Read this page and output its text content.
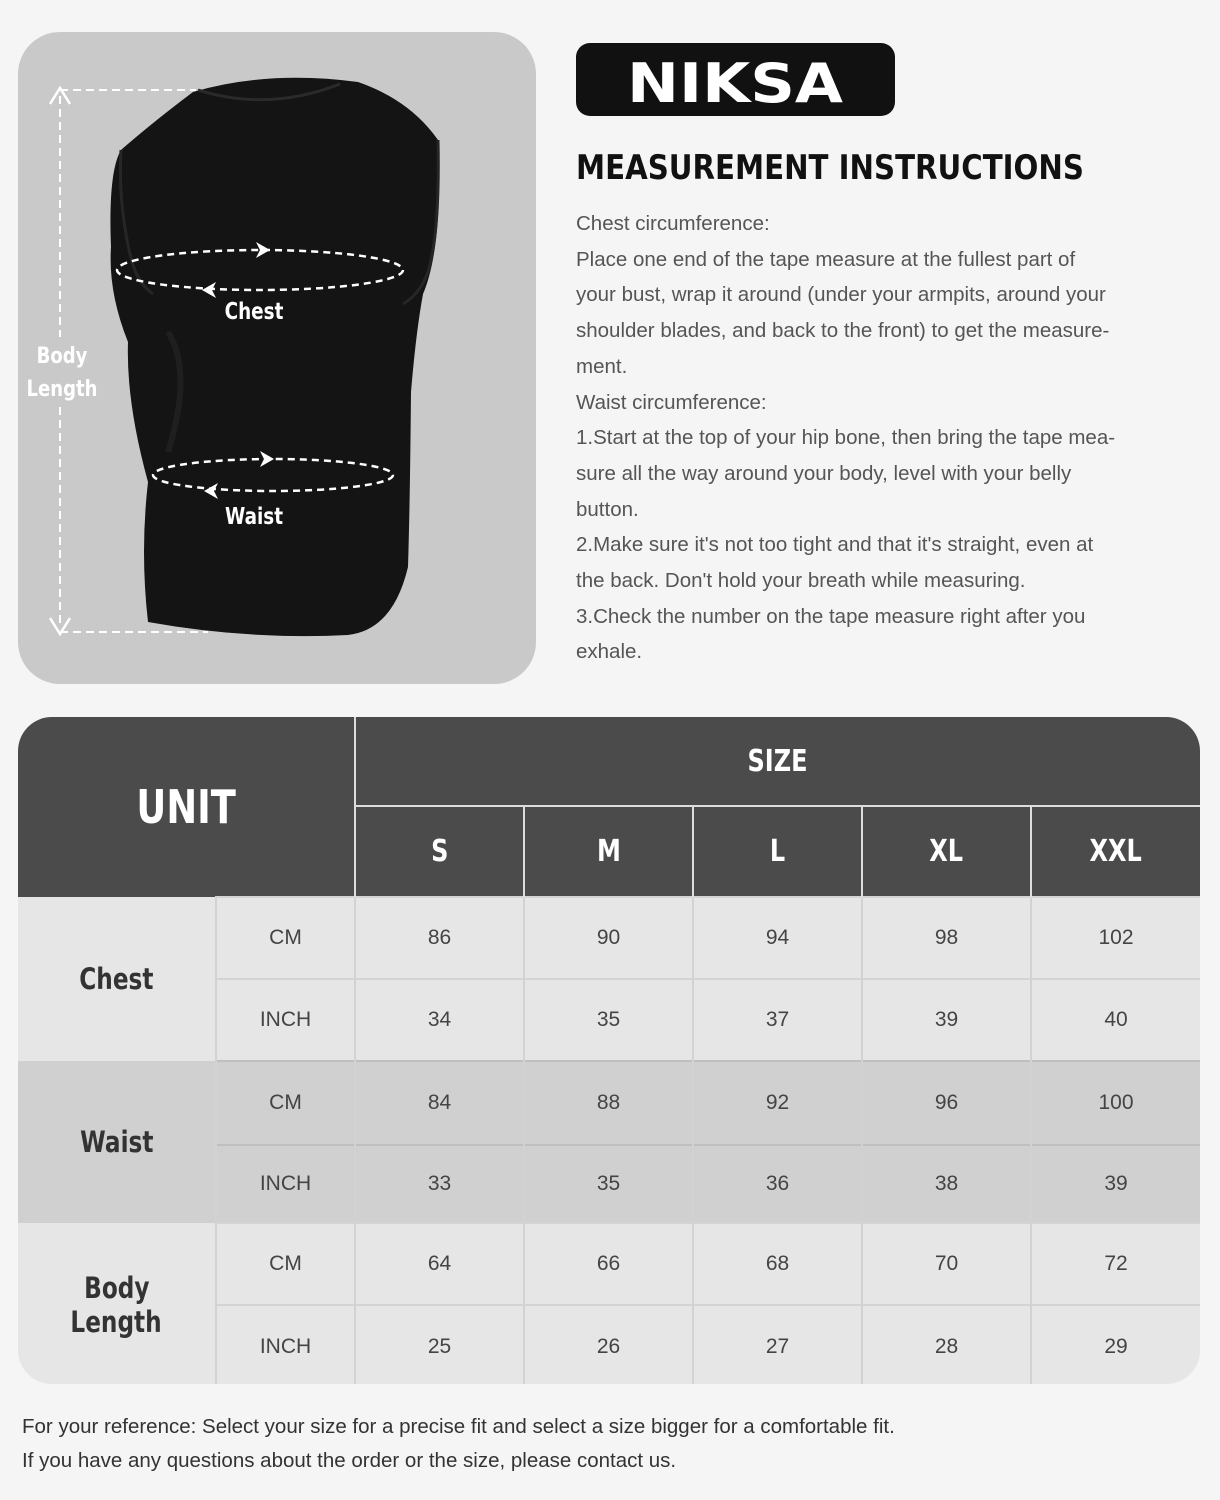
Body
Length
Chest
Waist
NIKSA
MEASUREMENT INSTRUCTIONS

Chest circumference:

Place one end of the tape measure at the fullest part of

your bust, wrap it around (under your armpits, around your

shoulder blades, and back to the front) to get the measure-

ment.

Waist circumference:

1.Start at the top of your hip bone, then bring the tape mea-

sure all the way around your body, level with your belly

button.

2.Make sure it's not too tight and that it's straight, even at

the back. Don't hold your breath while measuring.

3.Check the number on the tape measure right after you

exhale.

UNIT		SIZE				
		S	M	L	XL	XXL
Chest	CM	86	90	94	98	102
	INCH	34	35	37	39	40
Waist	CM	84	88	92	96	100
	INCH	33	35	36	38	39
Body
Length	CM	64	66	68	70	72
	INCH	25	26	27	28	29

For your reference: Select your size for a precise fit and select a size bigger for a comfortable fit.

If you have any questions about the order or the size, please contact us.
